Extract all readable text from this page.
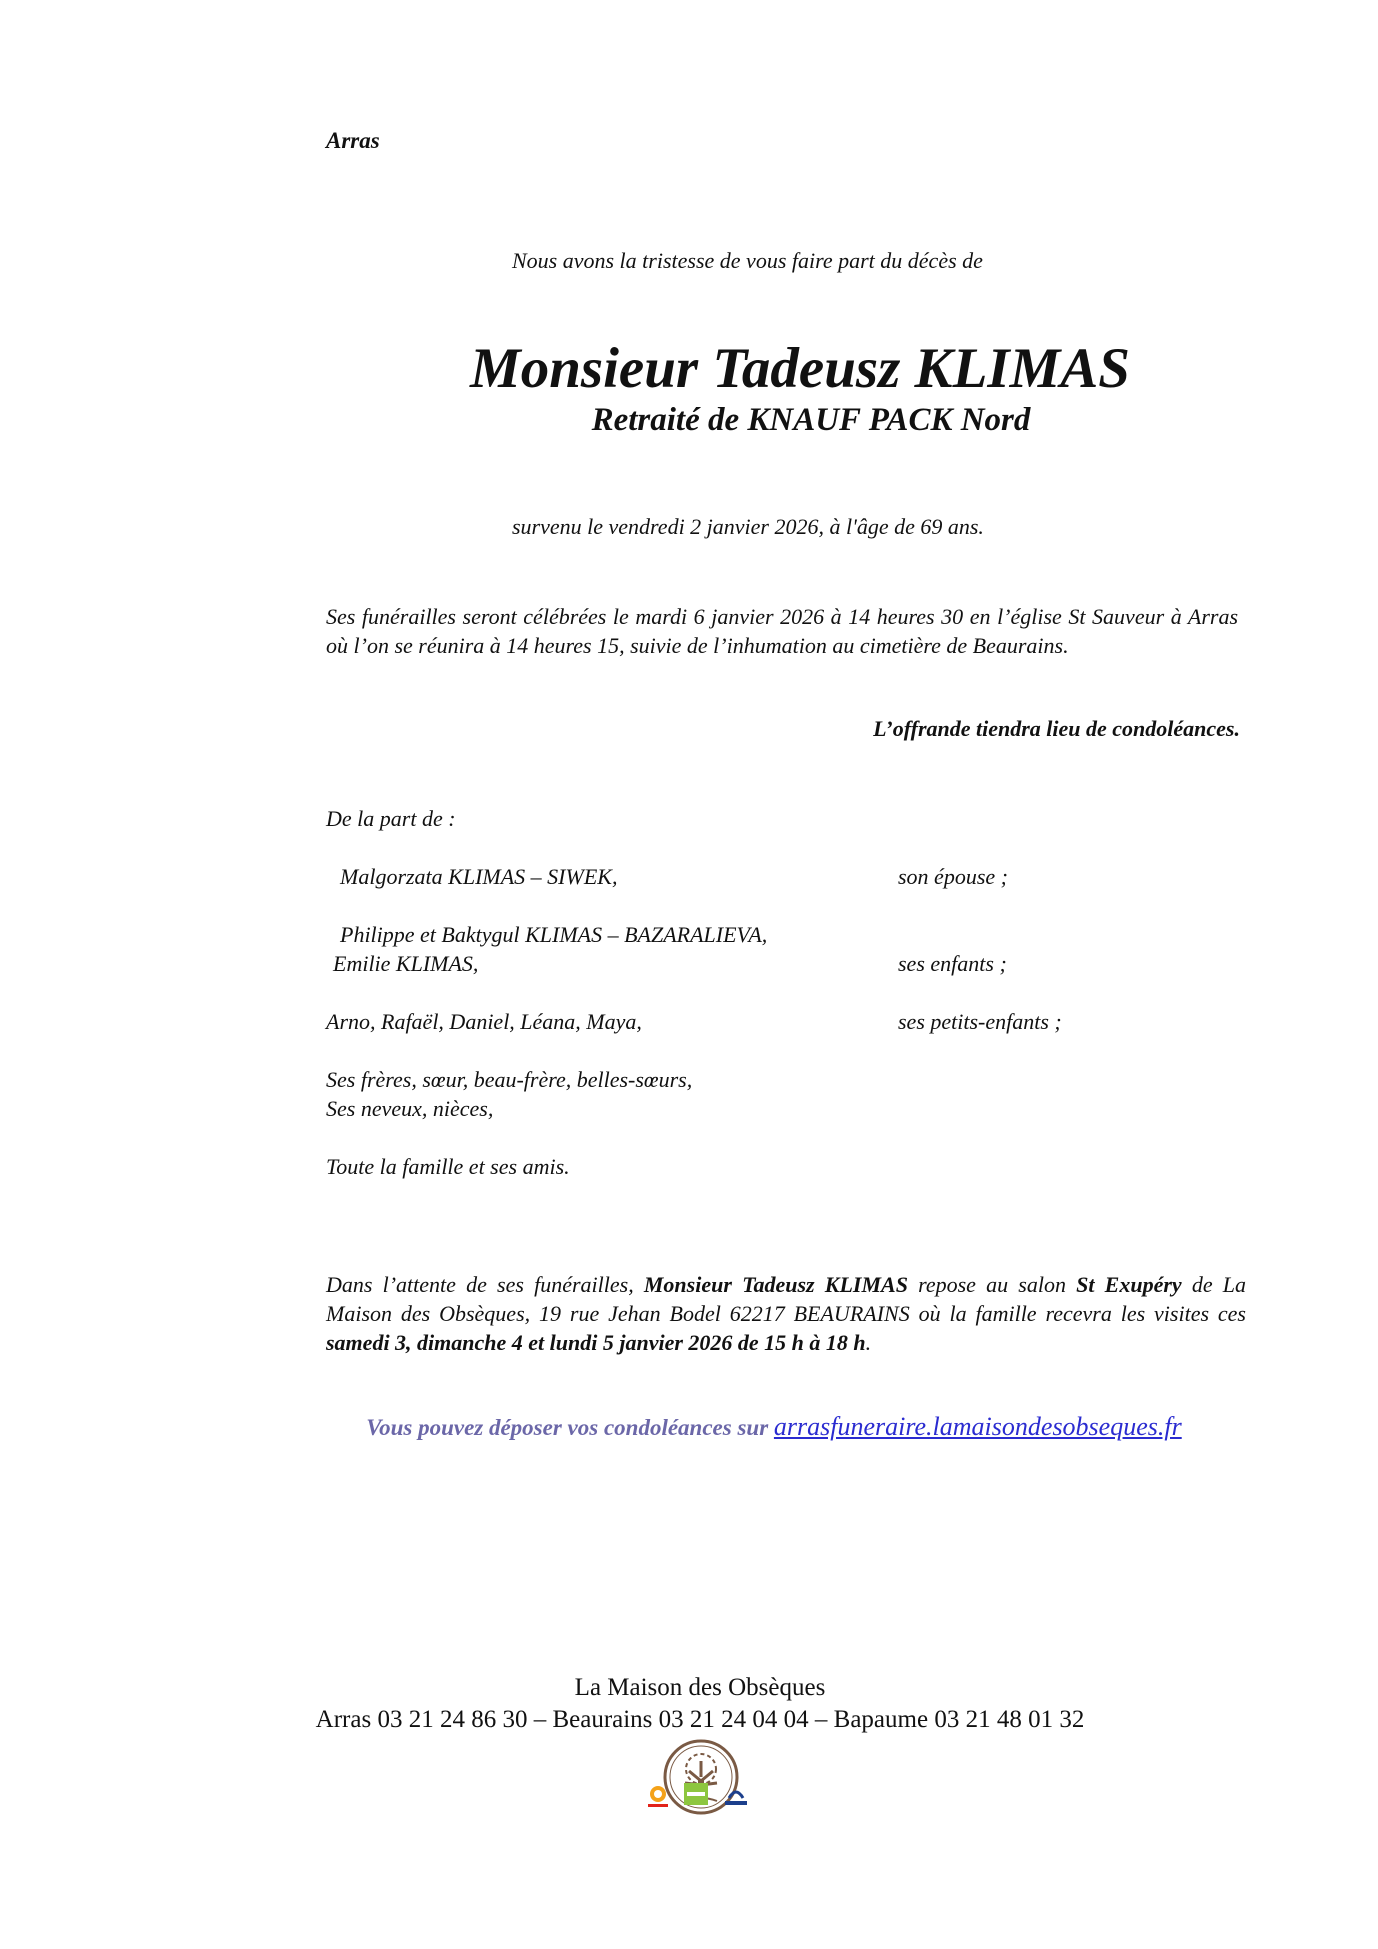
Arras
Nous avons la tristesse de vous faire part du décès de
Monsieur Tadeusz KLIMAS
Retraité de KNAUF PACK Nord
survenu le vendredi 2 janvier 2026, à l'âge de 69 ans.
Ses funérailles seront célébrées le mardi 6 janvier 2026 à 14 heures 30 en l’église St Sauveur à Arras où l’on se réunira à 14 heures 15, suivie de l’inhumation au cimetière de Beaurains.
L’offrande tiendra lieu de condoléances.
De la part de :
Malgorzata KLIMAS – SIWEK,	son épouse ;
Philippe et Baktygul KLIMAS – BAZARALIEVA,
Emilie KLIMAS,	ses enfants ;
Arno, Rafaël, Daniel, Léana, Maya,	ses petits-enfants ;
Ses frères, sœur, beau-frère, belles-sœurs,
Ses neveux, nièces,
Toute la famille et ses amis.
Dans l’attente de ses funérailles, Monsieur Tadeusz KLIMAS repose au salon St Exupéry de La Maison des Obsèques, 19 rue Jehan Bodel 62217 BEAURAINS où la famille recevra les visites ces samedi 3, dimanche 4 et lundi 5 janvier 2026 de 15 h à 18 h.
Vous pouvez déposer vos condoléances sur arrasfuneraire.lamaisondesobseques.fr
La Maison des Obsèques
Arras 03 21 24 86 30 – Beaurains 03 21 24 04 04 – Bapaume 03 21 48 01 32
